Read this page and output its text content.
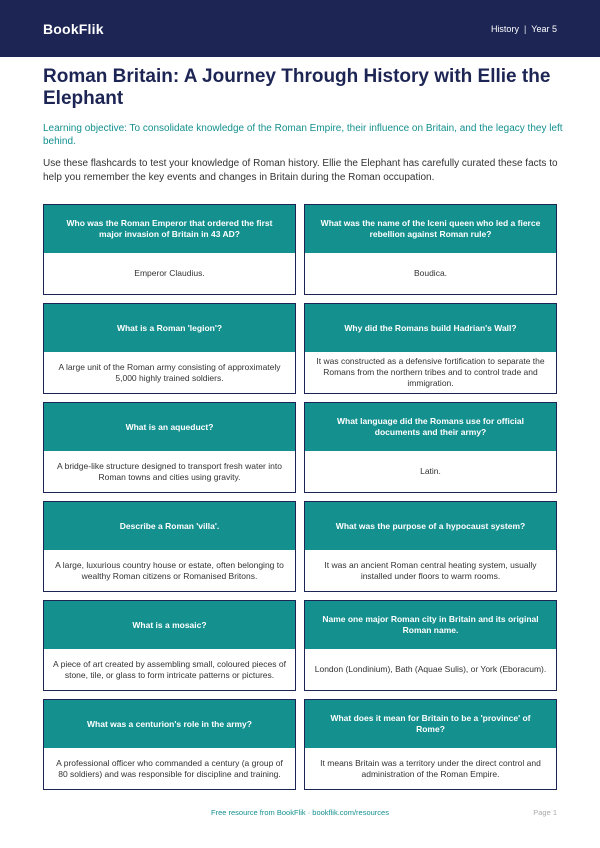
BookFlik	History | Year 5
Roman Britain: A Journey Through History with Ellie the Elephant

Learning objective: To consolidate knowledge of the Roman Empire, their influence on Britain, and the legacy they left behind.

Use these flashcards to test your knowledge of Roman history. Ellie the Elephant has carefully curated these facts to help you remember the key events and changes in Britain during the Roman occupation.

Who was the Roman Emperor that ordered the first major invasion of Britain in 43 AD?
Emperor Claudius.
What was the name of the Iceni queen who led a fierce rebellion against Roman rule?
Boudica.
What is a Roman 'legion'?
A large unit of the Roman army consisting of approximately 5,000 highly trained soldiers.
Why did the Romans build Hadrian's Wall?
It was constructed as a defensive fortification to separate the Romans from the northern tribes and to control trade and immigration.
What is an aqueduct?
A bridge-like structure designed to transport fresh water into Roman towns and cities using gravity.
What language did the Romans use for official documents and their army?
Latin.
Describe a Roman 'villa'.
A large, luxurious country house or estate, often belonging to wealthy Roman citizens or Romanised Britons.
What was the purpose of a hypocaust system?
It was an ancient Roman central heating system, usually installed under floors to warm rooms.
What is a mosaic?
A piece of art created by assembling small, coloured pieces of stone, tile, or glass to form intricate patterns or pictures.
Name one major Roman city in Britain and its original Roman name.
London (Londinium), Bath (Aquae Sulis), or York (Eboracum).
What was a centurion's role in the army?
A professional officer who commanded a century (a group of 80 soldiers) and was responsible for discipline and training.
What does it mean for Britain to be a 'province' of Rome?
It means Britain was a territory under the direct control and administration of the Roman Empire.
Free resource from BookFlik · bookflik.com/resources	Page 1
